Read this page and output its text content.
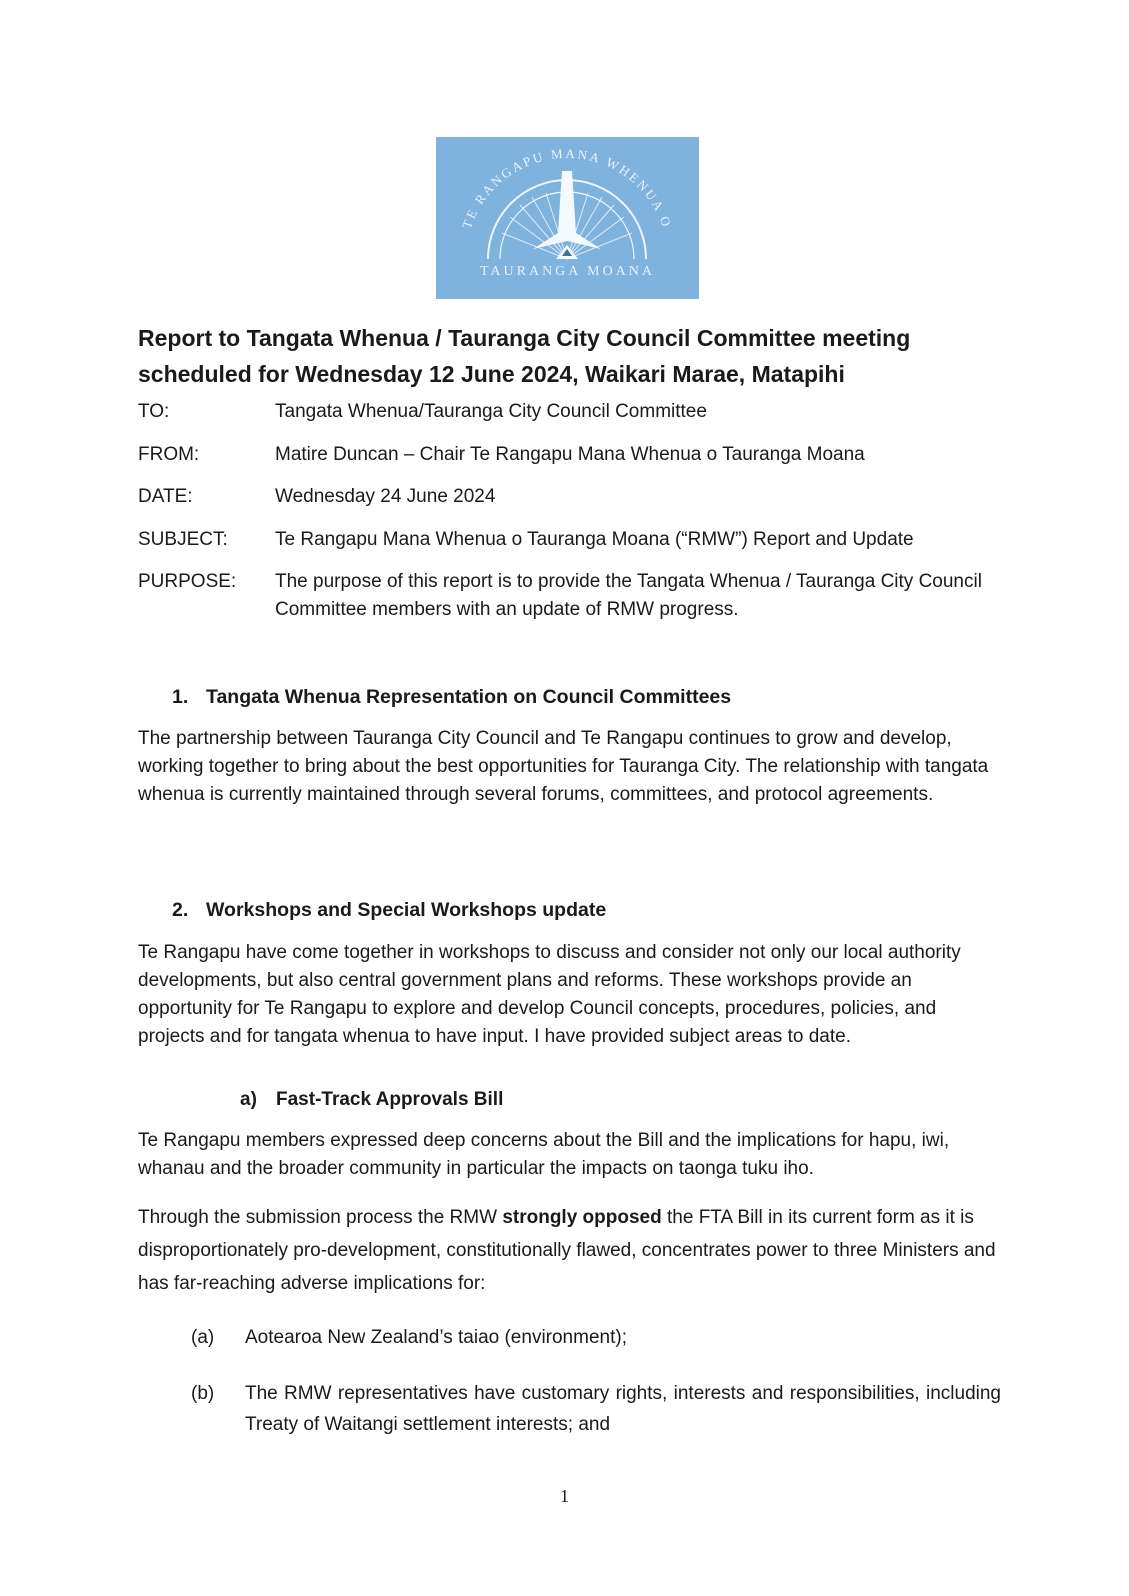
TE RANGAPU MANA WHENUA O
TAURANGA MOANA
Report to Tangata Whenua / Tauranga City Council Committee meeting scheduled for Wednesday 12 June 2024, Waikari Marae, Matapihi
TO:	Tangata Whenua/Tauranga City Council Committee
FROM:	Matire Duncan – Chair Te Rangapu Mana Whenua o Tauranga Moana
DATE:	Wednesday 24 June 2024
SUBJECT: Te Rangapu Mana Whenua o Tauranga Moana (“RMW”) Report and Update
PURPOSE: The purpose of this report is to provide the Tangata Whenua / Tauranga City Council Committee members with an update of RMW progress.
1. Tangata Whenua Representation on Council Committees

The partnership between Tauranga City Council and Te Rangapu continues to grow and develop, working together to bring about the best opportunities for Tauranga City. The relationship with tangata whenua is currently maintained through several forums, committees, and protocol agreements.

2. Workshops and Special Workshops update

Te Rangapu have come together in workshops to discuss and consider not only our local authority developments, but also central government plans and reforms. These workshops provide an opportunity for Te Rangapu to explore and develop Council concepts, procedures, policies, and projects and for tangata whenua to have input. I have provided subject areas to date.

a) Fast-Track Approvals Bill

Te Rangapu members expressed deep concerns about the Bill and the implications for hapu, iwi, whanau and the broader community in particular the impacts on taonga tuku iho.

Through the submission process the RMW strongly opposed the FTA Bill in its current form as it is disproportionately pro-development, constitutionally flawed, concentrates power to three Ministers and has far-reaching adverse implications for:

(a) Aotearoa New Zealand’s taiao (environment);
(b) The RMW representatives have customary rights, interests and responsibilities, including Treaty of Waitangi settlement interests; and
1
